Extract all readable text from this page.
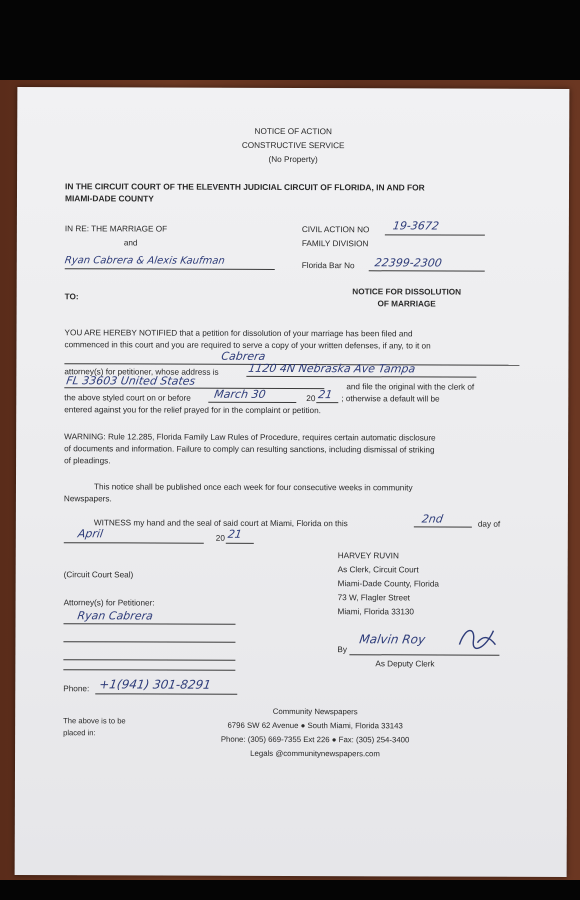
NOTICE OF ACTION
CONSTRUCTIVE SERVICE
(No Property)
IN THE CIRCUIT COURT OF THE ELEVENTH JUDICIAL CIRCUIT OF FLORIDA, IN AND FOR
MIAMI-DADE COUNTY
IN RE: THE MARRIAGE OF
and
Ryan Cabrera & Alexis Kaufman
CIVIL ACTION NO 19-3672
FAMILY DIVISION
Florida Bar No 22399-2300
TO:
NOTICE FOR DISSOLUTION
OF MARRIAGE
YOU ARE HEREBY NOTIFIED that a petition for dissolution of your marriage has been filed and
commenced in this court and you are required to serve a copy of your written defenses, if any, to it on
Cabrera
attorney(s) for petitioner, whose address is	1120 4N Nebraska Ave Tampa
FL 33603 United States	and file the original with the clerk of
the above styled court on or before March 30	20 21 ; otherwise a default will be
entered against you for the relief prayed for in the complaint or petition.
WARNING: Rule 12.285, Florida Family Law Rules of Procedure, requires certain automatic disclosure
of documents and information. Failure to comply can resulting sanctions, including dismissal of striking
of pleadings.
This notice shall be published once each week for four consecutive weeks in community
Newspapers.
WITNESS my hand and the seal of said court at Miami, Florida on this	2nd	day of
April	20 21
HARVEY RUVIN
As Clerk, Circuit Court
Miami-Dade County, Florida
73 W, Flagler Street
Miami, Florida 33130
(Circuit Court Seal)
Attorney(s) for Petitioner:
Ryan Cabrera
By
Malvin Roy
As Deputy Clerk
Phone: +1(941) 301-8291
The above is to be
placed in:
Community Newspapers
6796 SW 62 Avenue ● South Miami, Florida 33143
Phone: (305) 669-7355 Ext 226 ● Fax: (305) 254-3400
Legals @communitynewspapers.com
